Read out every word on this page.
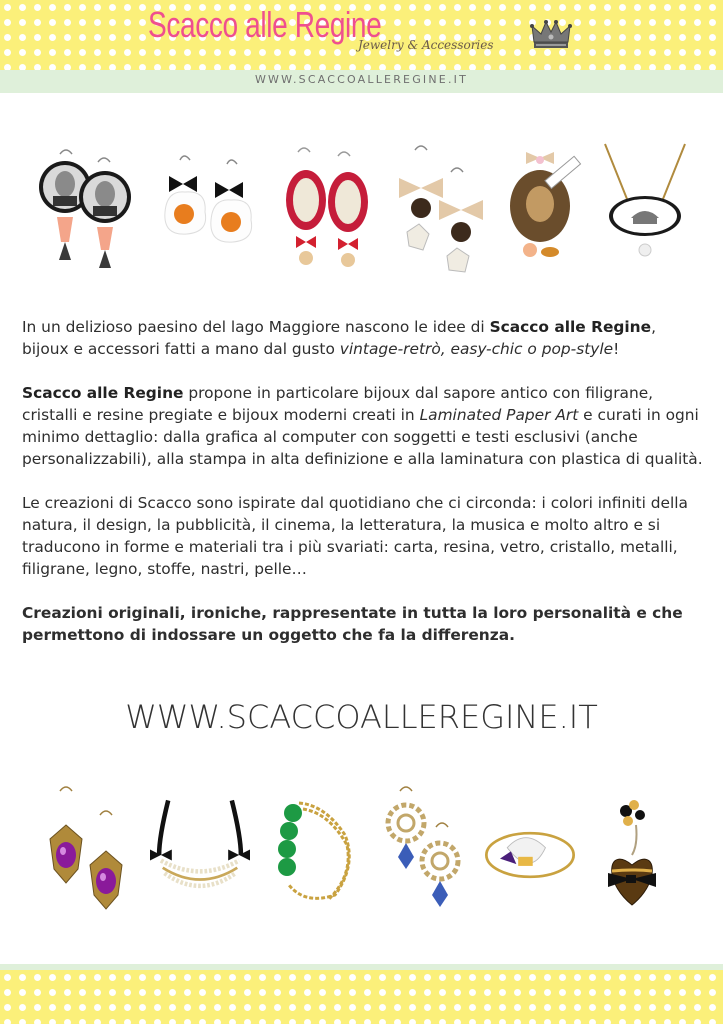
Scacco alle Regine
Jewelry & Accessories
WWW.SCACCOALLEREGINE.IT

In un delizioso paesino del lago Maggiore nascono le idee di Scacco alle Regine,
bijoux e accessori fatti a mano dal gusto vintage-retrò, easy-chic o pop-style!

Scacco alle Regine propone in particolare bijoux dal sapore antico con filigrane, cristalli e resine pregiate e bijoux moderni creati in Laminated Paper Art e curati in ogni minimo dettaglio: dalla grafica al computer con soggetti e testi esclusivi (anche personalizzabili), alla stampa in alta definizione e alla laminatura con plastica di qualità.

Le creazioni di Scacco sono ispirate dal quotidiano che ci circonda: i colori infiniti della natura, il design, la pubblicità, il cinema, la letteratura, la musica e molto altro e si traducono in forme e materiali tra i più svariati: carta, resina, vetro, cristallo, metalli, filigrane, legno, stoffe, nastri, pelle…

Creazioni originali, ironiche, rappresentate in tutta la loro personalità e che permettono di indossare un oggetto che fa la differenza.

WWW.SCACCOALLEREGINE.IT
